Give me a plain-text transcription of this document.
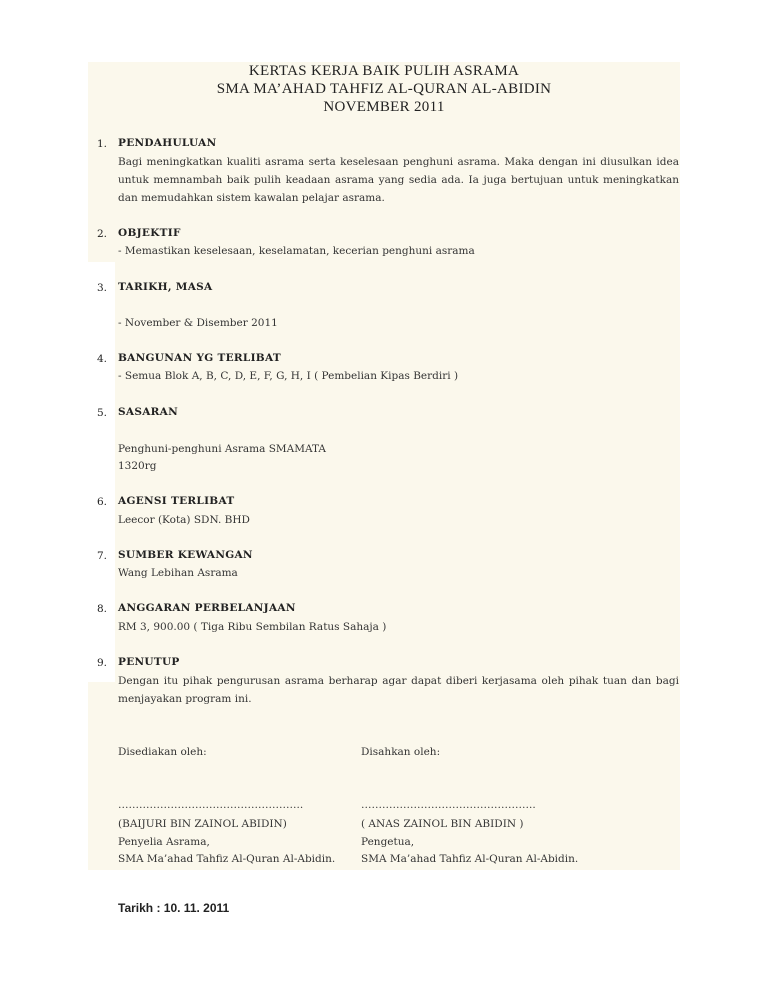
KERTAS KERJA BAIK PULIH ASRAMA
SMA MA’AHAD TAHFIZ AL-QURAN AL-ABIDIN
NOVEMBER 2011
1. PENDAHULUAN
Bagi meningkatkan kualiti asrama serta keselesaan penghuni asrama. Maka dengan ini diusulkan idea untuk memnambah baik pulih keadaan asrama yang sedia ada. Ia juga bertujuan untuk meningkatkan dan memudahkan sistem kawalan pelajar asrama.
2. OBJEKTIF
- Memastikan keselesaan, keselamatan, kecerian penghuni asrama
3. TARIKH, MASA
- November & Disember 2011
4. BANGUNAN YG TERLIBAT
- Semua Blok A, B, C, D, E, F, G, H, I ( Pembelian Kipas Berdiri )
5. SASARAN
Penghuni-penghuni Asrama SMAMATA
1320rg
6. AGENSI TERLIBAT
Leecor (Kota) SDN. BHD
7. SUMBER KEWANGAN
Wang Lebihan Asrama
8. ANGGARAN PERBELANJAAN
RM 3, 900.00 ( Tiga Ribu Sembilan Ratus Sahaja )
9. PENUTUP
Dengan itu pihak pengurusan asrama berharap agar dapat diberi kerjasama oleh pihak tuan dan bagi menjayakan program ini.
Disediakan oleh:
……………………………………………..
(BAIJURI BIN ZAINOL ABIDIN)
Penyelia Asrama,
SMA Ma’ahad Tahfiz Al-Quran Al-Abidin.
Disahkan oleh:
…………………………………………..
( ANAS ZAINOL BIN ABIDIN )
Pengetua,
SMA Ma’ahad Tahfiz Al-Quran Al-Abidin.
Tarikh : 10. 11. 2011
